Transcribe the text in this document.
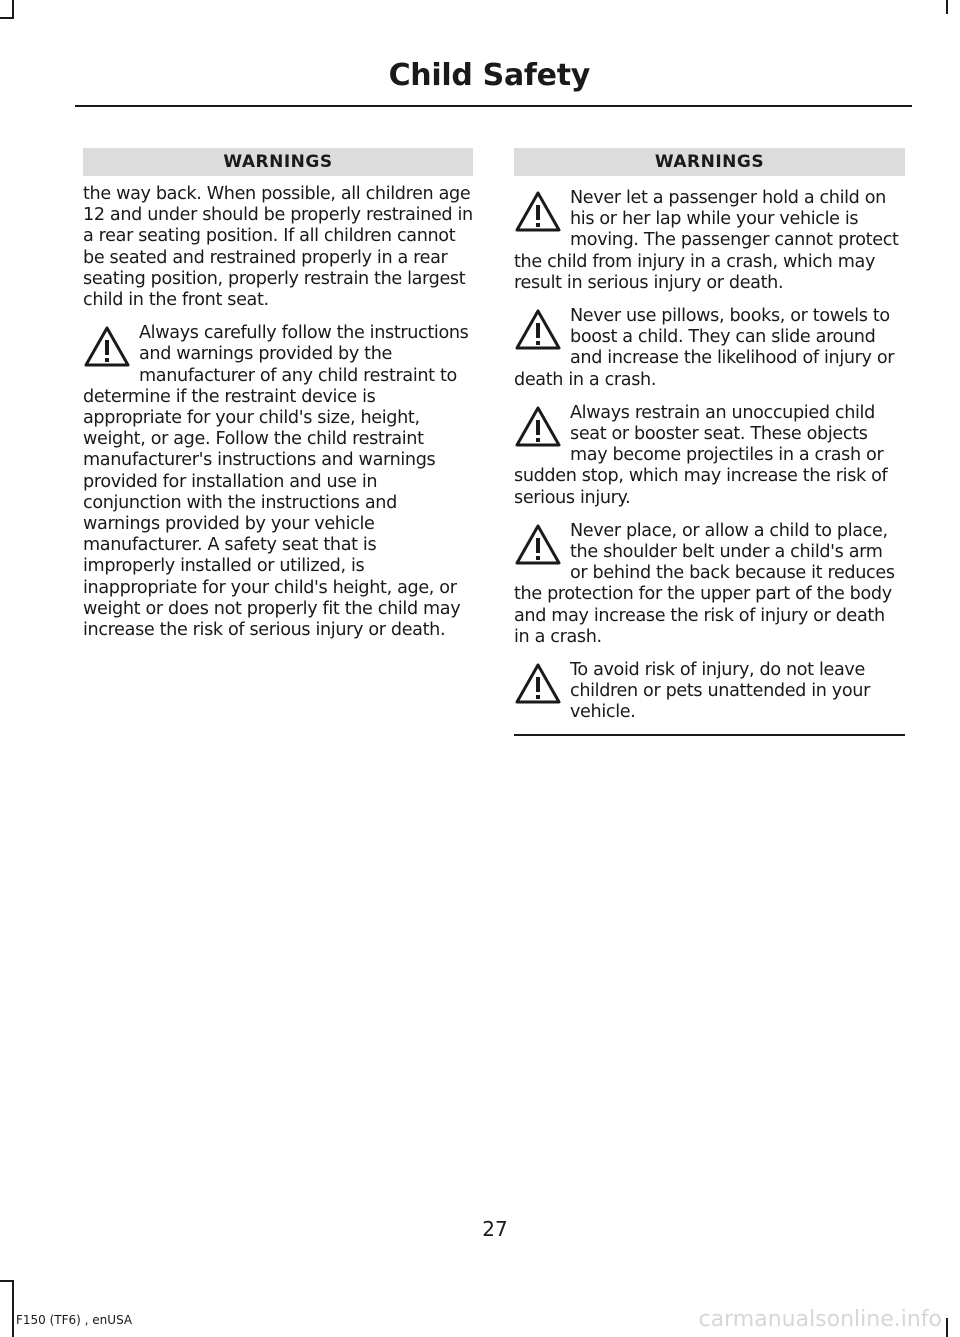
Child Safety
WARNINGS

the way back. When possible, all children age 12 and under should be properly restrained in a rear seating position. If all children cannot be seated and restrained properly in a rear seating position, properly restrain the largest child in the front seat.

Always carefully follow the instructions and warnings provided by the manufacturer of any child restraint to determine if the restraint device is appropriate for your child's size, height, weight, or age. Follow the child restraint manufacturer's instructions and warnings provided for installation and use in conjunction with the instructions and warnings provided by your vehicle manufacturer. A safety seat that is improperly installed or utilized, is inappropriate for your child's height, age, or weight or does not properly fit the child may increase the risk of serious injury or death.

WARNINGS

Never let a passenger hold a child on his or her lap while your vehicle is moving. The passenger cannot protect the child from injury in a crash, which may result in serious injury or death.

Never use pillows, books, or towels to boost a child. They can slide around and increase the likelihood of injury or death in a crash.

Always restrain an unoccupied child seat or booster seat. These objects may become projectiles in a crash or sudden stop, which may increase the risk of serious injury.

Never place, or allow a child to place, the shoulder belt under a child's arm or behind the back because it reduces the protection for the upper part of the body and may increase the risk of injury or death in a crash.

To avoid risk of injury, do not leave children or pets unattended in your vehicle.

27
F150 (TF6) , enUSA	carmanualsonline.info
